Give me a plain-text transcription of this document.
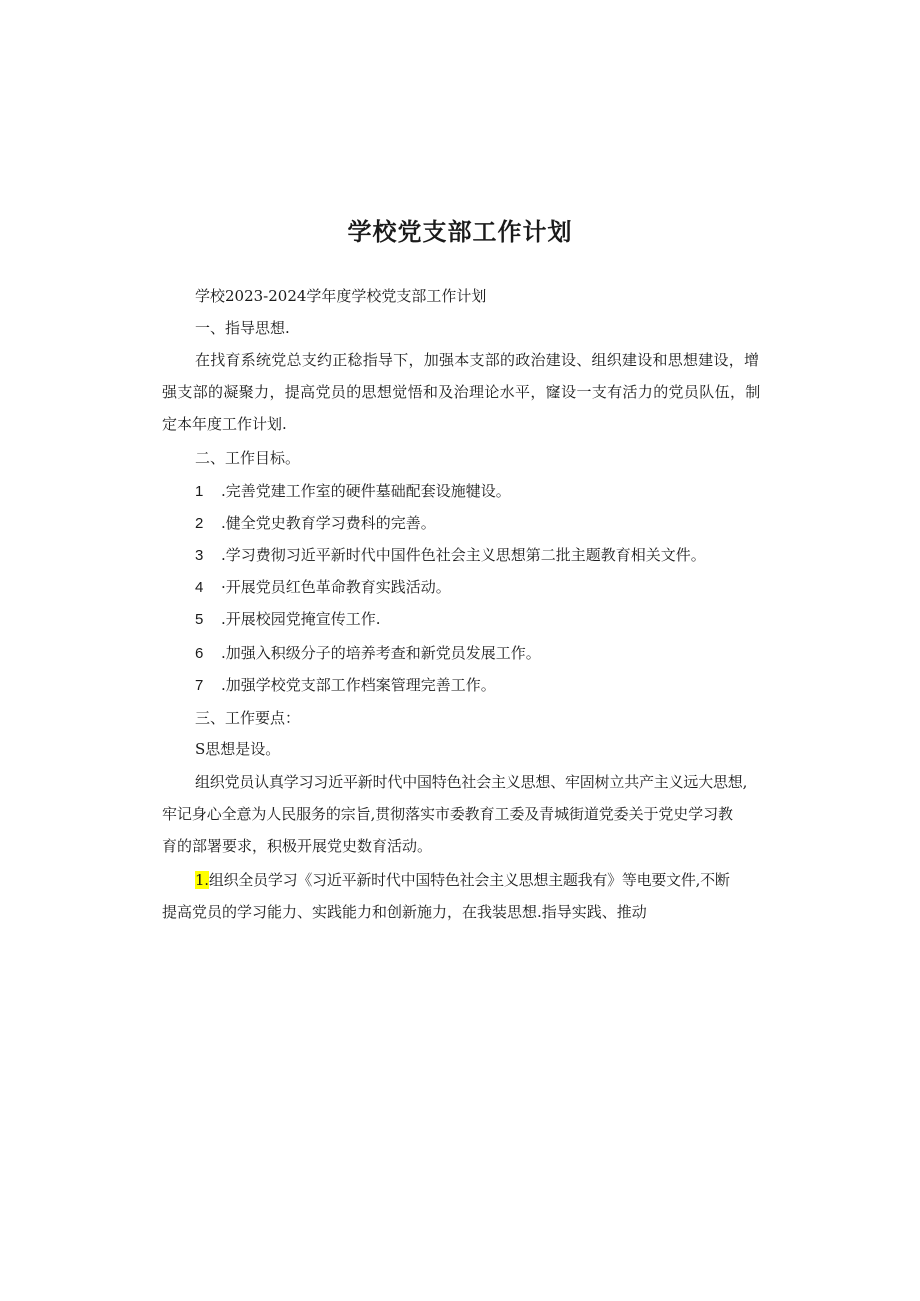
学校党支部工作计划
学校2023-2024学年度学校党支部工作计划
一、指导思想.
在找育系统党总支约正稔指导下，加强本支部的政治建设、组织建设和思想建设，增
强支部的凝聚力，提高党员的思想觉悟和及治理论水平，窿设一支有活力的党员队伍，制
定本年度工作计划.
二、工作目标。
1 .完善党建工作室的硬件墓础配套设施犍设。
2 .健全党史教育学习费科的完善。
3 .学习费彻习近平新时代中国件色社会主义思想第二批主题教育相关文件。
4 ·开展党员红色革命教育实践活动。
5 .开展校园党掩宣传工作.
6 .加强入积级分子的培养考查和新党员发展工作。
7 .加强学校党支部工作档案管理完善工作。
三、工作要点：
S思想是设。
组织党员认真学习习近平新时代中国特色社会主义思想、牢固树立共产主义远大思想,
牢记身心全意为人民服务的宗旨,贯彻落实市委教育工委及青城街道党委关于党史学习教
育的部署要求，积极开展党史数育活动。
1.组织全员学习《习近平新时代中国特色社会主义思想主题我有》等电要文件,不断
提高党员的学习能力、实践能力和创新施力，在我装思想.指导实践、推动
